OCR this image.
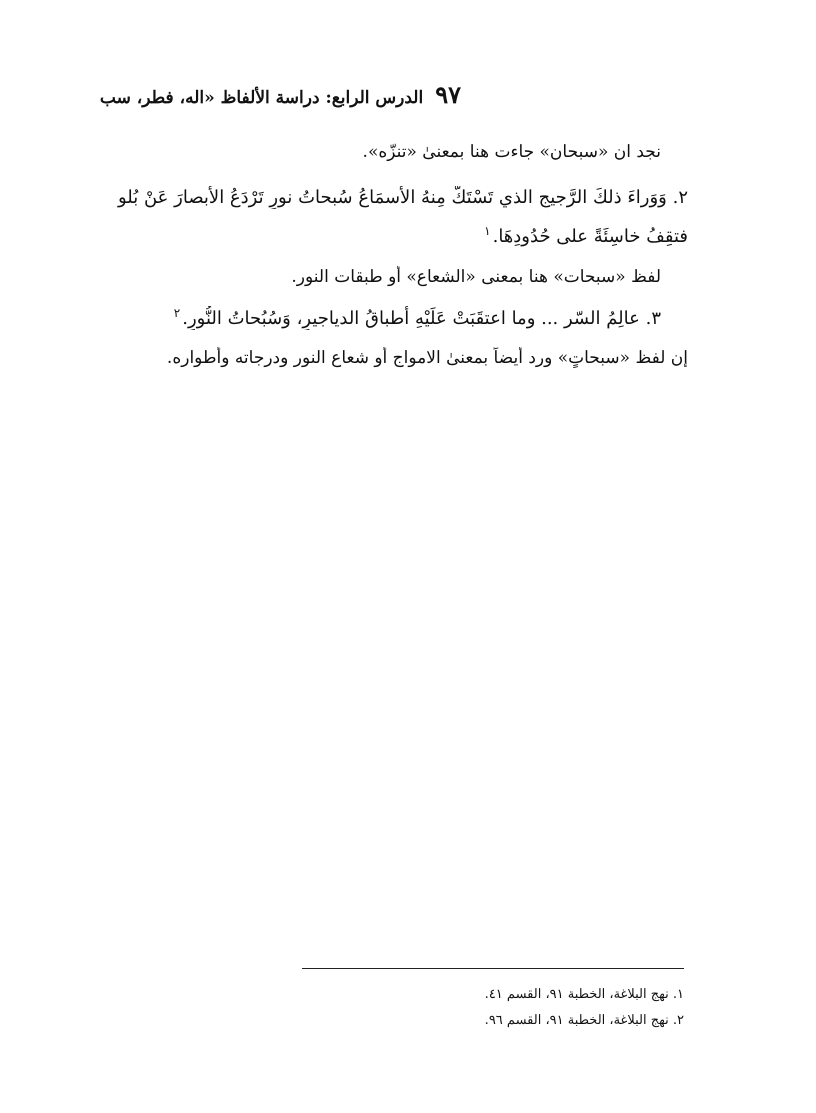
٩٧
الدرس الرابع: دراسة الألفاظ «اله، فطر، سب
نجد ان «سبحان» جاءت هنا بمعنىٰ «تنزّه».
٢. وَوَراءَ ذلكَ الرَّجيجِ الذي تَسْتَكُّ مِنهُ الأَسمَاعُ سُبحاتُ نورٍ تَرْدَعُ الأَبصارَ عَنْ بُلو
فتقِفُ خاسِئَةً على حُدُودِهَا.$^١$
لفظ «سبحات» هنا بمعنى «الشعاع» أو طبقات النور.
٣. عالِمُ السّر ... وما اعتقَبَتْ عَلَيْهِ أطباقُ الدياجيرِ، وَسُبُحاتُ النُّورِ.$^٢$
إن لفظ «سبحاتٍ» ورد أيضاً بمعنىٰ الامواج أو شعاع النور ودرجاته وأطواره.
١. نهج البلاغة، الخطبة ٩١، القسم ٤١.
٢. نهج البلاغة، الخطبة ٩١، القسم ٩٦.
